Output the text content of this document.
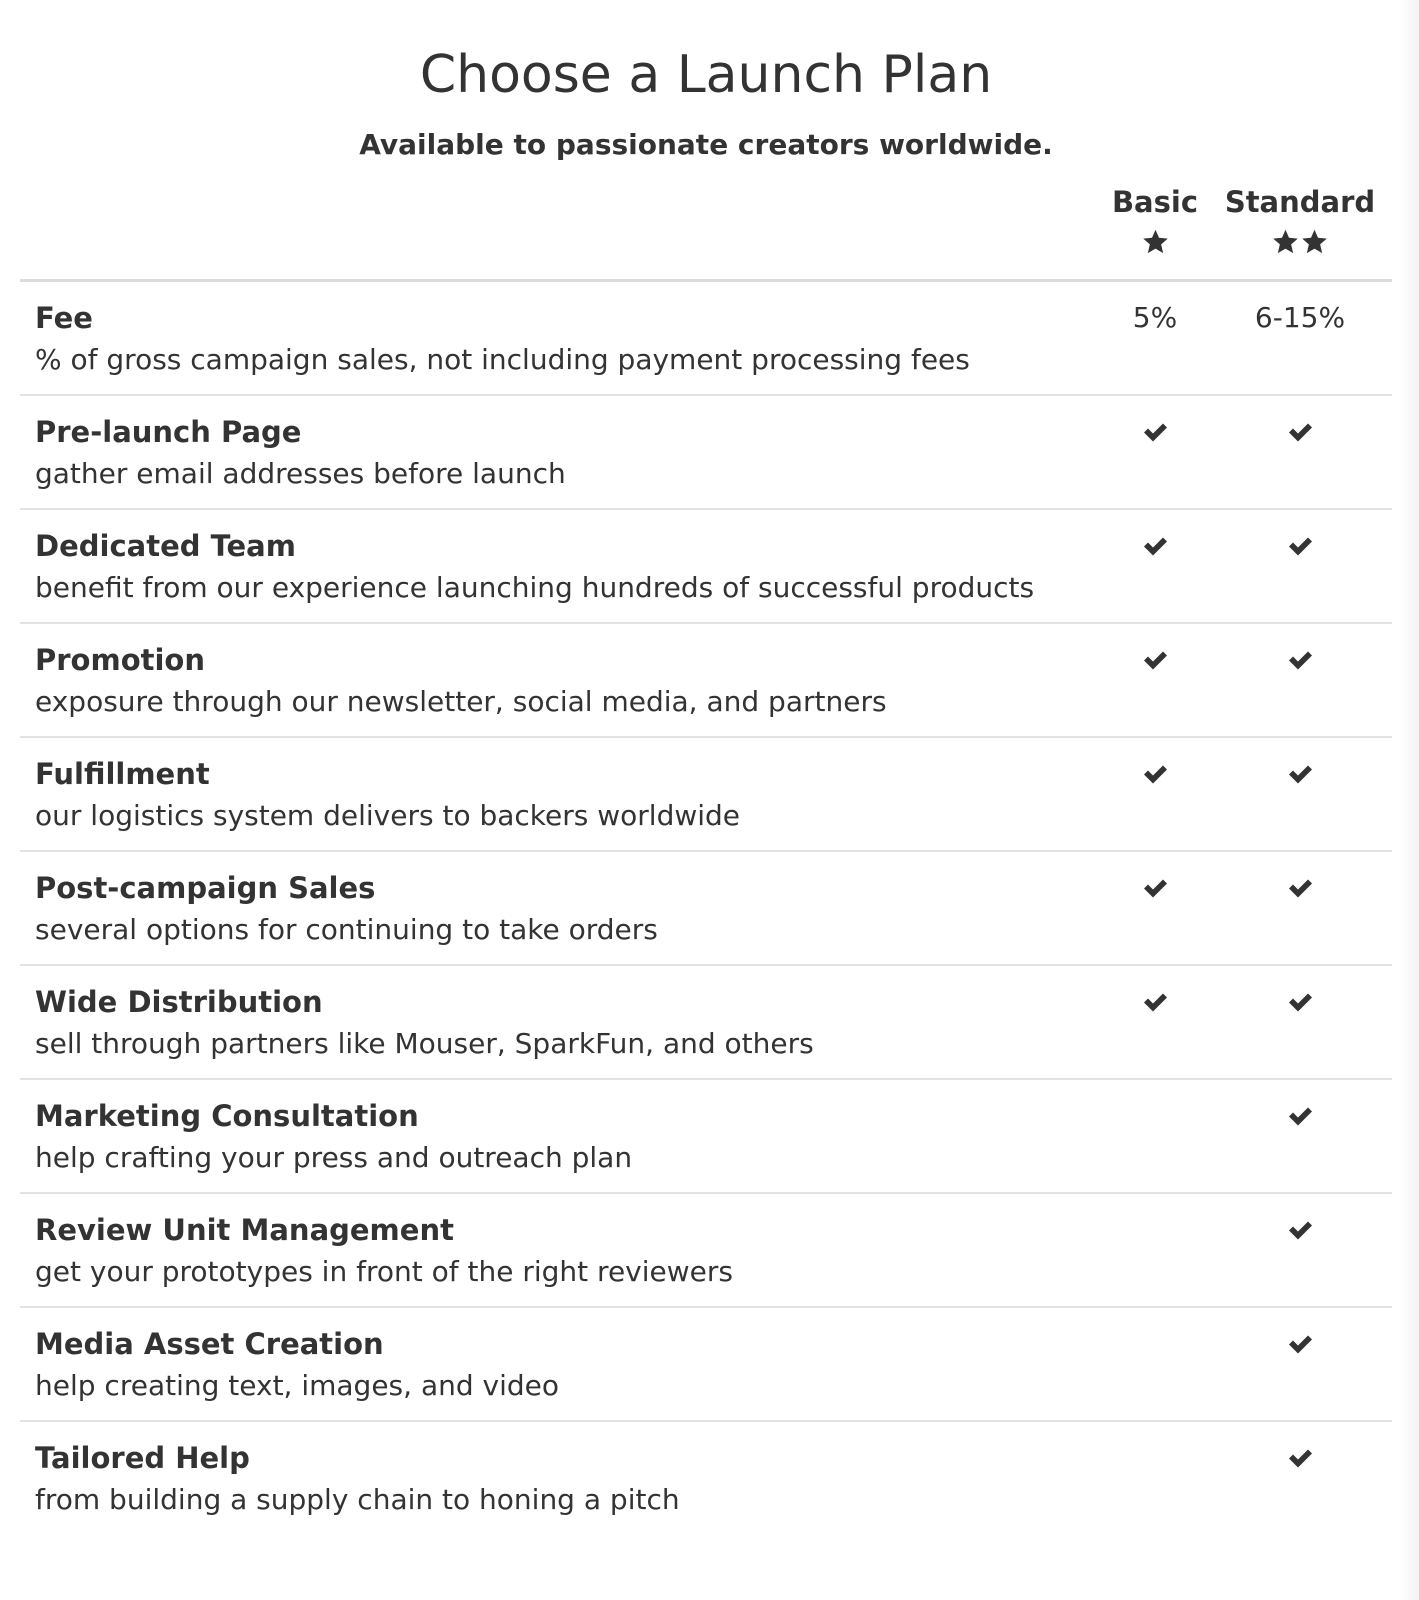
Choose a Launch Plan
Available to passionate creators worldwide.
Basic Standard
Fee
% of gross campaign sales, not including payment processing fees
5%	6-15%
Pre-launch Page
gather email addresses before launch
Dedicated Team
benefit from our experience launching hundreds of successful products
Promotion
exposure through our newsletter, social media, and partners
Fulfillment
our logistics system delivers to backers worldwide
Post-campaign Sales
several options for continuing to take orders
Wide Distribution
sell through partners like Mouser, SparkFun, and others
Marketing Consultation
help crafting your press and outreach plan
Review Unit Management
get your prototypes in front of the right reviewers
Media Asset Creation
help creating text, images, and video
Tailored Help
from building a supply chain to honing a pitch
